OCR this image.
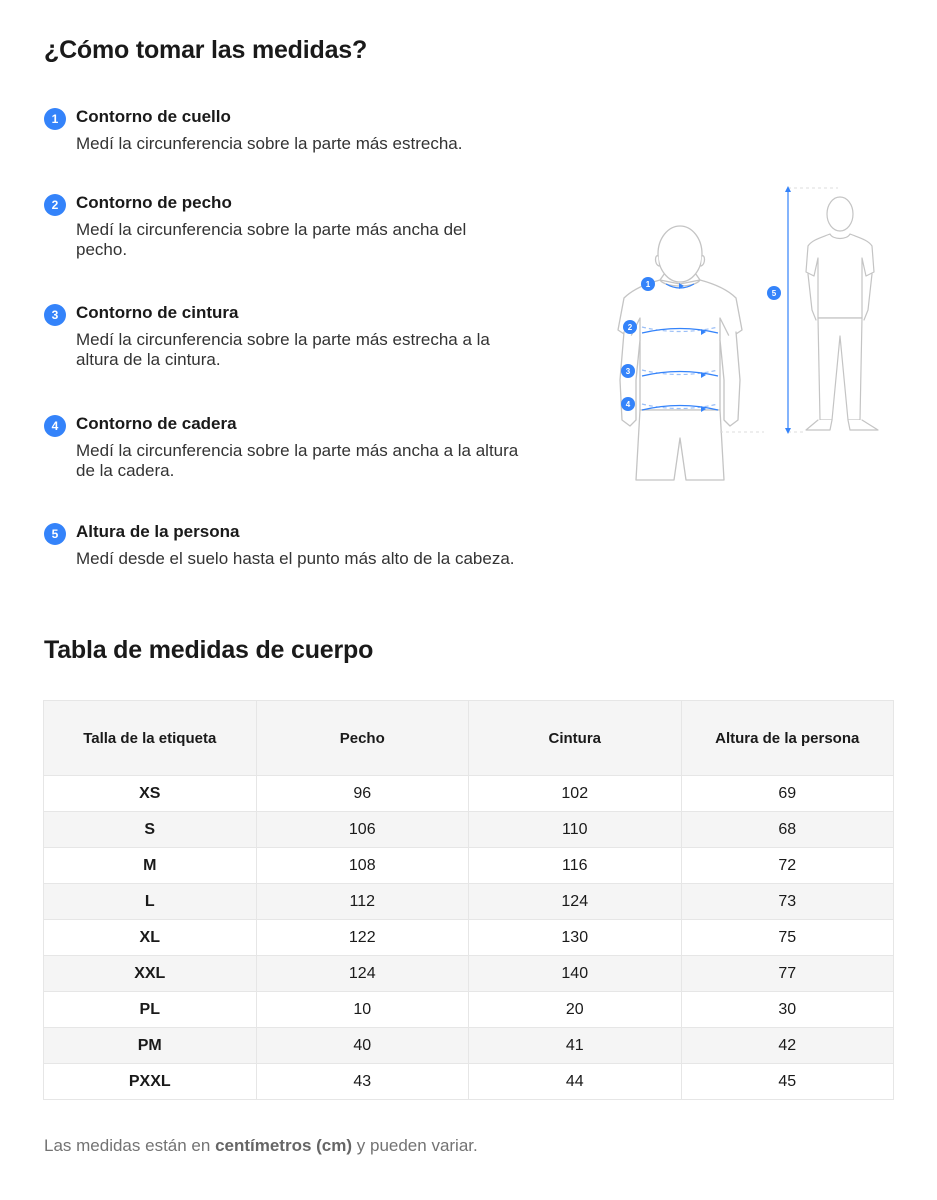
¿Cómo tomar las medidas?
1	Contorno de cuello
Medí la circunferencia sobre la parte más estrecha.
2	Contorno de pecho
Medí la circunferencia sobre la parte más ancha del pecho.
3	Contorno de cintura
Medí la circunferencia sobre la parte más estrecha a la altura de la cintura.
4	Contorno de cadera
Medí la circunferencia sobre la parte más ancha a la altura de la cadera.
5	Altura de la persona
Medí desde el suelo hasta el punto más alto de la cabeza.
1
2
3
4
5
Tabla de medidas de cuerpo
Talla de la etiqueta	Pecho	Cintura	Altura de la persona
XS	96	102	69
S	106	110	68
M	108	116	72
L	112	124	73
XL	122	130	75
XXL	124	140	77
PL	10	20	30
PM	40	41	42
PXXL	43	44	45
Las medidas están en centímetros (cm) y pueden variar.
